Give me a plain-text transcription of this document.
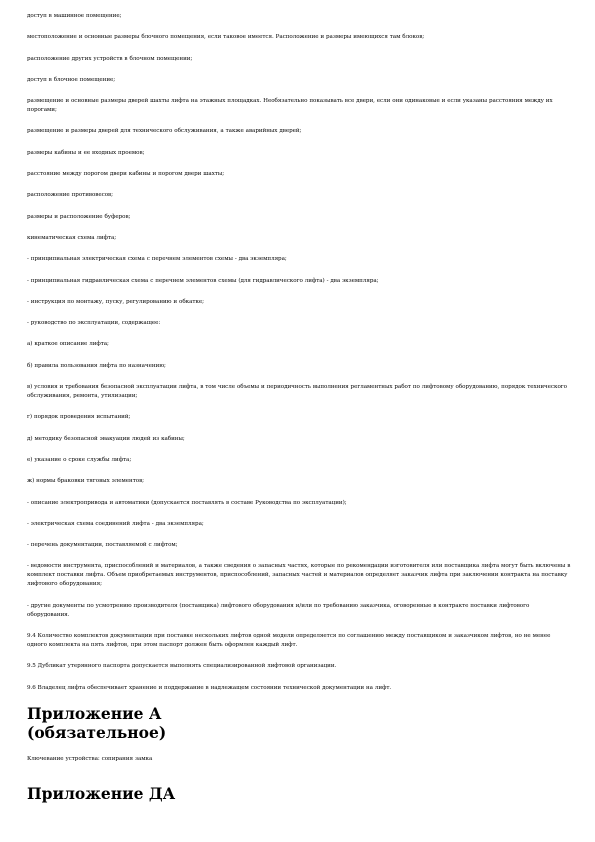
доступ в машинное помещение;

местоположение и основные размеры блочного помещения, если таковое имеется. Расположение и размеры имеющихся там блоков;

расположение других устройств в блочном помещении;

доступ в блочное помещение;

размещение и основные размеры дверей шахты лифта на этажных площадках. Необязательно показывать все двери, если они одинаковые и если указаны расстояния между их порогами;

размещение и размеры дверей для технического обслуживания, а также аварийных дверей;

размеры кабины и ее входных проемов;

расстояние между порогом двери кабины и порогом двери шахты;

расположение противовесов;

размеры и расположение буферов;

кинематическая схема лифта;

- принципиальная электрическая схема с перечнем элементов схемы - два экземпляра;

- принципиальная гидравлическая схема с перечнем элементов схемы (для гидравлического лифта) - два экземпляра;

- инструкция по монтажу, пуску, регулированию и обкатке;

- руководство по эксплуатации, содержащее:

а) краткое описание лифта;

б) правила пользования лифта по назначению;

в) условия и требования безопасной эксплуатации лифта, в том числе объемы и периодичность выполнения регламентных работ по лифтовому оборудованию, порядок технического обслуживания, ремонта, утилизации;

г) порядок проведения испытаний;

д) методику безопасной эвакуации людей из кабины;

е) указание о сроке службы лифта;

ж) нормы браковки тяговых элементов;

- описание электропривода и автоматики (допускается поставлять в составе Руководства по эксплуатации);

- электрическая схема соединений лифта - два экземпляра;

- перечень документации, поставляемой с лифтом;

- ведомости инструмента, приспособлений и материалов, а также сведения о запасных частях, которые по рекомендации изготовителя или поставщика лифта могут быть включены в комплект поставки лифта. Объем приобретаемых инструментов, приспособлений, запасных частей и материалов определяет заказчик лифта при заключении контракта на поставку лифтового оборудования;

- другие документы по усмотрению производителя (поставщика) лифтового оборудования и/или по требованию заказчика, оговоренные в контракте поставки лифтового оборудования.

9.4 Количество комплектов документации при поставке нескольких лифтов одной модели определяется по соглашению между поставщиком и заказчиком лифтов, но не менее одного комплекта на пять лифтов, при этом паспорт должен быть оформлен каждый лифт.

9.5 Дубликат утерянного паспорта допускается выполнять специализированной лифтовой организации.

9.6 Владелец лифта обеспечивает хранение и поддержание в надлежащем состоянии технической документации на лифт.

Приложение А
(обязательное)

Ключевание устройства: сопирания замка

Приложение ДА
